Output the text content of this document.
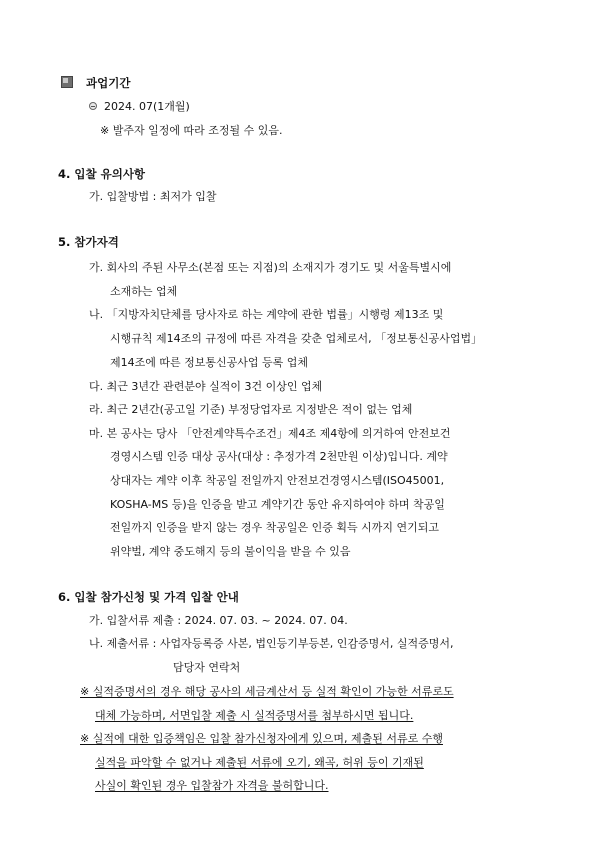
과업기간
2024. 07(1개월)
※ 발주자 일정에 따라 조정될 수 있음.
4. 입찰 유의사항
가. 입찰방법 : 최저가 입찰
5. 참가자격
가. 회사의 주된 사무소(본점 또는 지점)의 소재지가 경기도 및 서울특별시에
소재하는 업체
나. 「지방자치단체를 당사자로 하는 계약에 관한 법률」시행령 제13조 및
시행규칙 제14조의 규정에 따른 자격을 갖춘 업체로서, 「정보통신공사업법」
제14조에 따른 정보통신공사업 등록 업체
다. 최근 3년간 관련분야 실적이 3건 이상인 업체
라. 최근 2년간(공고일 기준) 부정당업자로 지정받은 적이 없는 업체
마. 본 공사는 당사 「안전계약특수조건」제4조 제4항에 의거하여 안전보건
경영시스템 인증 대상 공사(대상 : 추정가격 2천만원 이상)입니다. 계약
상대자는 계약 이후 착공일 전일까지 안전보건경영시스템(ISO45001,
KOSHA-MS 등)을 인증을 받고 계약기간 동안 유지하여야 하며 착공일
전일까지 인증을 받지 않는 경우 착공일은 인증 획득 시까지 연기되고
위약벌, 계약 중도해지 등의 불이익을 받을 수 있음
6. 입찰 참가신청 및 가격 입찰 안내
가. 입찰서류 제출 : 2024. 07. 03. ~ 2024. 07. 04.
나. 제출서류 : 사업자등록증 사본, 법인등기부등본, 인감증명서, 실적증명서,
담당자 연락처
※ 실적증명서의 경우 해당 공사의 세금계산서 등 실적 확인이 가능한 서류로도
대체 가능하며, 서면입찰 제출 시 실적증명서를 첨부하시면 됩니다.
※ 실적에 대한 입증책임은 입찰 참가신청자에게 있으며, 제출된 서류로 수행
실적을 파악할 수 없거나 제출된 서류에 오기, 왜곡, 허위 등이 기재된
사실이 확인된 경우 입찰참가 자격을 불허합니다.
